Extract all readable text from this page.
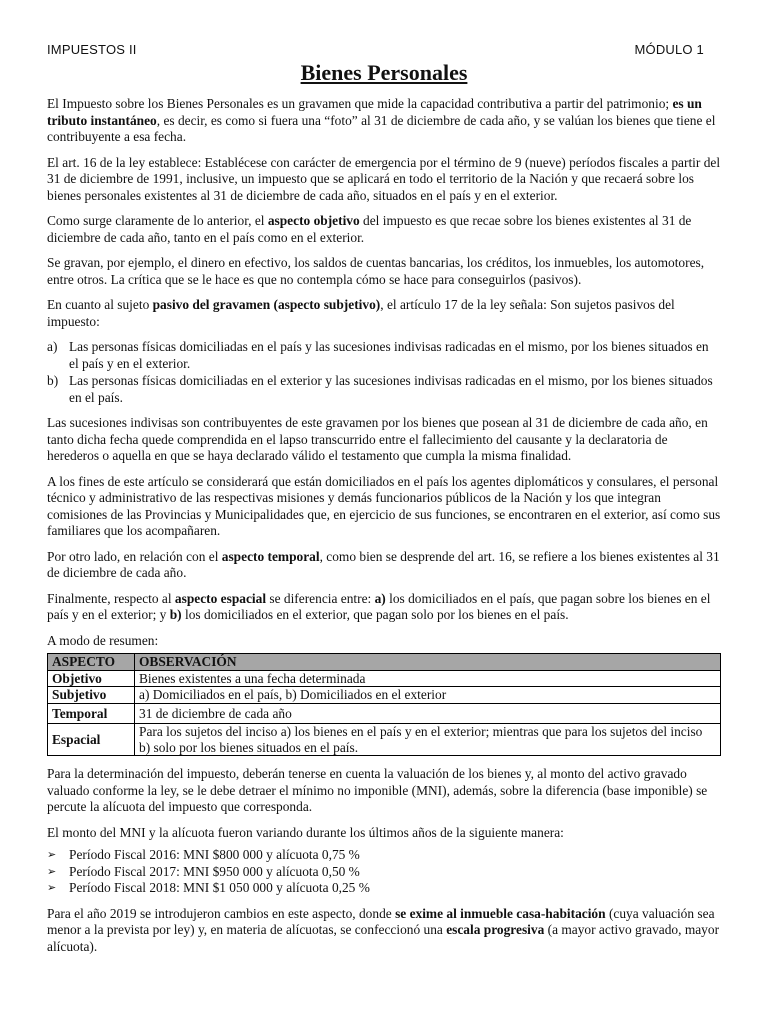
IMPUESTOS II	MÓDULO 1
Bienes Personales

El Impuesto sobre los Bienes Personales es un gravamen que mide la capacidad contributiva a partir del patrimonio; es un tributo instantáneo, es decir, es como si fuera una “foto” al 31 de diciembre de cada año, y se valúan los bienes que tiene el contribuyente a esa fecha.

El art. 16 de la ley establece: Establécese con carácter de emergencia por el término de 9 (nueve) períodos fiscales a partir del 31 de diciembre de 1991, inclusive, un impuesto que se aplicará en todo el territorio de la Nación y que recaerá sobre los bienes personales existentes al 31 de diciembre de cada año, situados en el país y en el exterior.

Como surge claramente de lo anterior, el aspecto objetivo del impuesto es que recae sobre los bienes existentes al 31 de diciembre de cada año, tanto en el país como en el exterior.

Se gravan, por ejemplo, el dinero en efectivo, los saldos de cuentas bancarias, los créditos, los inmuebles, los automotores, entre otros. La crítica que se le hace es que no contempla cómo se hace para conseguirlos (pasivos).

En cuanto al sujeto pasivo del gravamen (aspecto subjetivo), el artículo 17 de la ley señala: Son sujetos pasivos del impuesto:

a) Las personas físicas domiciliadas en el país y las sucesiones indivisas radicadas en el mismo, por los bienes situados en el país y en el exterior.
b) Las personas físicas domiciliadas en el exterior y las sucesiones indivisas radicadas en el mismo, por los bienes situados en el país.

Las sucesiones indivisas son contribuyentes de este gravamen por los bienes que posean al 31 de diciembre de cada año, en tanto dicha fecha quede comprendida en el lapso transcurrido entre el fallecimiento del causante y la declaratoria de herederos o aquella en que se haya declarado válido el testamento que cumpla la misma finalidad.

A los fines de este artículo se considerará que están domiciliados en el país los agentes diplomáticos y consulares, el personal técnico y administrativo de las respectivas misiones y demás funcionarios públicos de la Nación y los que integran comisiones de las Provincias y Municipalidades que, en ejercicio de sus funciones, se encontraren en el exterior, así como sus familiares que los acompañaren.

Por otro lado, en relación con el aspecto temporal, como bien se desprende del art. 16, se refiere a los bienes existentes al 31 de diciembre de cada año.

Finalmente, respecto al aspecto espacial se diferencia entre: a) los domiciliados en el país, que pagan sobre los bienes en el país y en el exterior; y b) los domiciliados en el exterior, que pagan solo por los bienes en el país.

A modo de resumen:

ASPECTO	OBSERVACIÓN
Objetivo	Bienes existentes a una fecha determinada
Subjetivo	a) Domiciliados en el país, b) Domiciliados en el exterior
Temporal	31 de diciembre de cada año
Espacial	Para los sujetos del inciso a) los bienes en el país y en el exterior; mientras que para los sujetos del inciso b) solo por los bienes situados en el país.

Para la determinación del impuesto, deberán tenerse en cuenta la valuación de los bienes y, al monto del activo gravado valuado conforme la ley, se le debe detraer el mínimo no imponible (MNI), además, sobre la diferencia (base imponible) se percute la alícuota del impuesto que corresponda.

El monto del MNI y la alícuota fueron variando durante los últimos años de la siguiente manera:

➢ Período Fiscal 2016: MNI $800 000 y alícuota 0,75 %
➢ Período Fiscal 2017: MNI $950 000 y alícuota 0,50 %
➢ Período Fiscal 2018: MNI $1 050 000 y alícuota 0,25 %

Para el año 2019 se introdujeron cambios en este aspecto, donde se exime al inmueble casa-habitación (cuya valuación sea menor a la prevista por ley) y, en materia de alícuotas, se confeccionó una escala progresiva (a mayor activo gravado, mayor alícuota).
